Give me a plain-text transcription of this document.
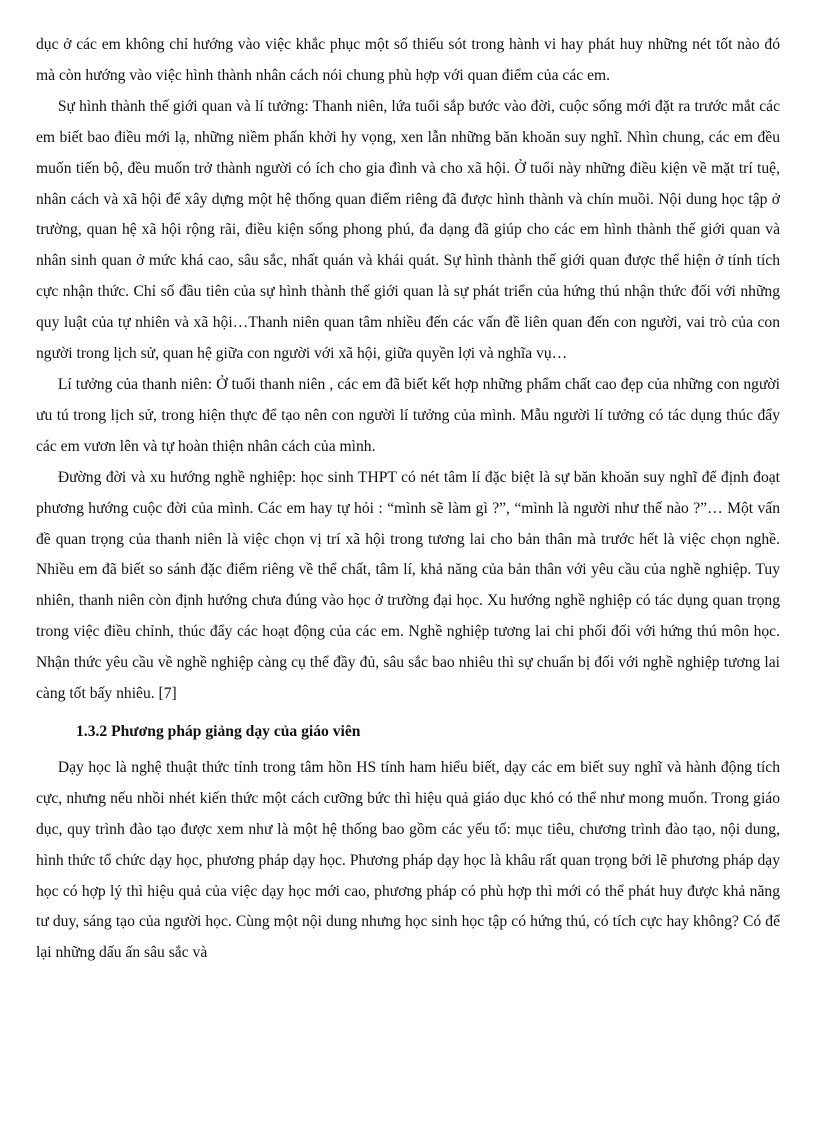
dục ở các em không chỉ hướng vào việc khắc phục một số thiếu sót trong hành vi hay phát huy những nét tốt nào đó mà còn hướng vào việc hình thành nhân cách nói chung phù hợp với quan điểm của các em.

Sự hình thành thế giới quan và lí tưởng: Thanh niên, lứa tuổi sắp bước vào đời, cuộc sống mới đặt ra trước mắt các em biết bao điều mới lạ, những niềm phấn khởi hy vọng, xen lẫn những băn khoăn suy nghĩ. Nhìn chung, các em đều muốn tiến bộ, đều muốn trở thành người có ích cho gia đình và cho xã hội. Ở tuổi này những điều kiện về mặt trí tuệ, nhân cách và xã hội để xây dựng một hệ thống quan điểm riêng đã được hình thành và chín muồi. Nội dung học tập ở trường, quan hệ xã hội rộng rãi, điều kiện sống phong phú, đa dạng đã giúp cho các em hình thành thế giới quan và nhân sinh quan ở mức khá cao, sâu sắc, nhất quán và khái quát. Sự hình thành thế giới quan được thể hiện ở tính tích cực nhận thức. Chỉ số đầu tiên của sự hình thành thế giới quan là sự phát triển của hứng thú nhận thức đối với những quy luật của tự nhiên và xã hội…Thanh niên quan tâm nhiều đến các vấn đề liên quan đến con người, vai trò của con người trong lịch sử, quan hệ giữa con người với xã hội, giữa quyền lợi và nghĩa vụ…

Lí tưởng của thanh niên: Ở tuổi thanh niên , các em đã biết kết hợp những phẩm chất cao đẹp của những con người ưu tú trong lịch sử, trong hiện thực để tạo nên con người lí tưởng của mình. Mẫu người lí tưởng có tác dụng thúc đẩy các em vươn lên và tự hoàn thiện nhân cách của mình.

Đường đời và xu hướng nghề nghiệp: học sinh THPT có nét tâm lí đặc biệt là sự băn khoăn suy nghĩ để định đoạt phương hướng cuộc đời của mình. Các em hay tự hỏi : “mình sẽ làm gì ?”, “mình là người như thế nào ?”… Một vấn đề quan trọng của thanh niên là việc chọn vị trí xã hội trong tương lai cho bản thân mà trước hết là việc chọn nghề. Nhiều em đã biết so sánh đặc điểm riêng về thể chất, tâm lí, khả năng của bản thân với yêu cầu của nghề nghiệp. Tuy nhiên, thanh niên còn định hướng chưa đúng vào học ở trường đại học. Xu hướng nghề nghiệp có tác dụng quan trọng trong việc điều chỉnh, thúc đẩy các hoạt động của các em. Nghề nghiệp tương lai chi phối đối với hứng thú môn học. Nhận thức yêu cầu về nghề nghiệp càng cụ thể đầy đủ, sâu sắc bao nhiêu thì sự chuẩn bị đối với nghề nghiệp tương lai càng tốt bấy nhiêu. [7]

1.3.2 Phương pháp giảng dạy của giáo viên

Dạy học là nghệ thuật thức tỉnh trong tâm hồn HS tính ham hiểu biết, dạy các em biết suy nghĩ và hành động tích cực, nhưng nếu nhồi nhét kiến thức một cách cưỡng bức thì hiệu quả giáo dục khó có thể như mong muốn. Trong giáo dục, quy trình đào tạo được xem như là một hệ thống bao gồm các yếu tố: mục tiêu, chương trình đào tạo, nội dung, hình thức tổ chức dạy học, phương pháp dạy học. Phương pháp dạy học là khâu rất quan trọng bởi lẽ phương pháp dạy học có hợp lý thì hiệu quả của việc dạy học mới cao, phương pháp có phù hợp thì mới có thể phát huy được khả năng tư duy, sáng tạo của người học. Cùng một nội dung nhưng học sinh học tập có hứng thú, có tích cực hay không? Có để lại những dấu ấn sâu sắc và
